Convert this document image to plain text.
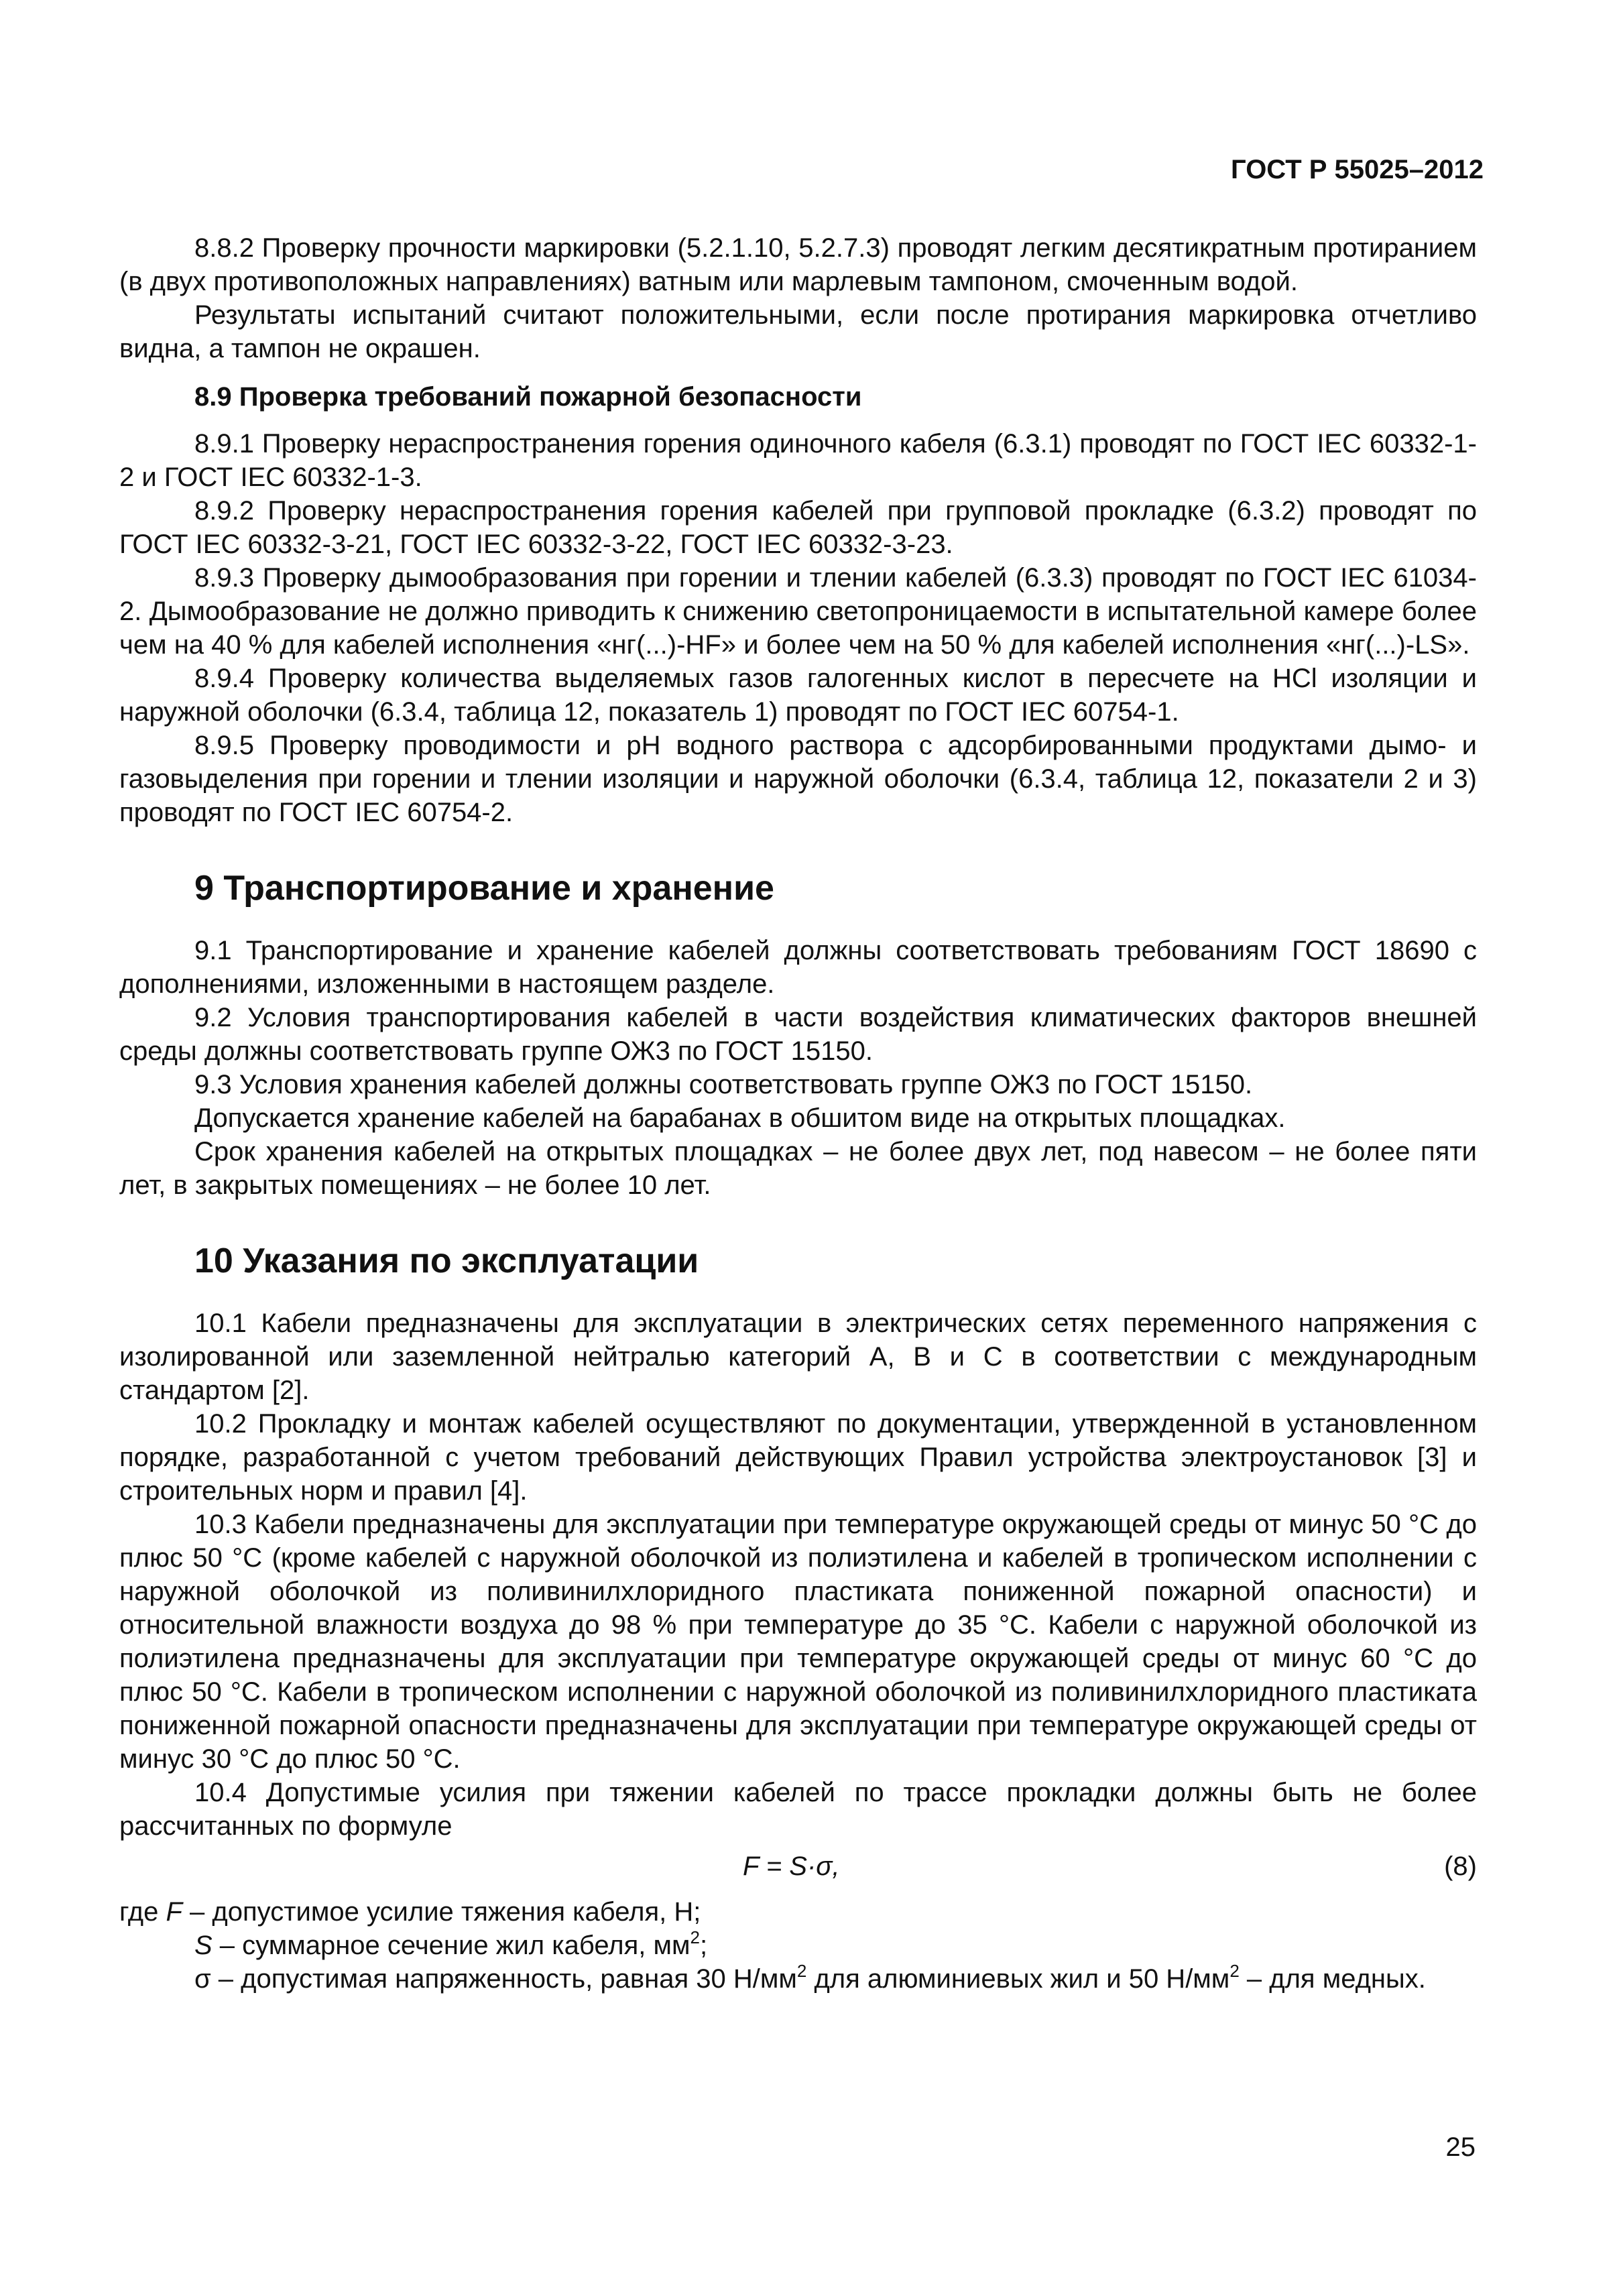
ГОСТ Р 55025–2012

8.8.2 Проверку прочности маркировки (5.2.1.10, 5.2.7.3) проводят легким десятикратным протиранием (в двух противоположных направлениях) ватным или марлевым тампоном, смоченным водой.

Результаты испытаний считают положительными, если после протирания маркировка отчетливо видна, а тампон не окрашен.

8.9 Проверка требований пожарной безопасности

8.9.1 Проверку нераспространения горения одиночного кабеля (6.3.1) проводят по ГОСТ IEC 60332-1-2 и ГОСТ IEC 60332-1-3.

8.9.2 Проверку нераспространения горения кабелей при групповой прокладке (6.3.2) проводят по ГОСТ IEC 60332-3-21, ГОСТ IEC 60332-3-22, ГОСТ IEC 60332-3-23.

8.9.3 Проверку дымообразования при горении и тлении кабелей (6.3.3) проводят по ГОСТ IEC 61034-2. Дымообразование не должно приводить к снижению светопроницаемости в испытательной камере более чем на 40 % для кабелей исполнения «нг(...)-HF» и более чем на 50 % для кабелей исполнения «нг(...)-LS».

8.9.4 Проверку количества выделяемых газов галогенных кислот в пересчете на HCl изоляции и наружной оболочки (6.3.4, таблица 12, показатель 1) проводят по ГОСТ IEC 60754-1.

8.9.5 Проверку проводимости и pH водного раствора с адсорбированными продуктами дымо- и газовыделения при горении и тлении изоляции и наружной оболочки (6.3.4, таблица 12, показатели 2 и 3) проводят по ГОСТ IEC 60754-2.

9 Транспортирование и хранение

9.1 Транспортирование и хранение кабелей должны соответствовать требованиям ГОСТ 18690 с дополнениями, изложенными в настоящем разделе.

9.2 Условия транспортирования кабелей в части воздействия климатических факторов внешней среды должны соответствовать группе ОЖ3 по ГОСТ 15150.

9.3 Условия хранения кабелей должны соответствовать группе ОЖ3 по ГОСТ 15150.

Допускается хранение кабелей на барабанах в обшитом виде на открытых площадках.

Срок хранения кабелей на открытых площадках – не более двух лет, под навесом – не более пяти лет, в закрытых помещениях – не более 10 лет.

10 Указания по эксплуатации

10.1 Кабели предназначены для эксплуатации в электрических сетях переменного напряжения с изолированной или заземленной нейтралью категорий А, В и С в соответствии с международным стандартом [2].

10.2 Прокладку и монтаж кабелей осуществляют по документации, утвержденной в установленном порядке, разработанной с учетом требований действующих Правил устройства электроустановок [3] и строительных норм и правил [4].

10.3 Кабели предназначены для эксплуатации при температуре окружающей среды от минус 50 °С до плюс 50 °С (кроме кабелей с наружной оболочкой из полиэтилена и кабелей в тропическом исполнении с наружной оболочкой из поливинилхлоридного пластиката пониженной пожарной опасности) и относительной влажности воздуха до 98 % при температуре до 35 °С. Кабели с наружной оболочкой из полиэтилена предназначены для эксплуатации при температуре окружающей среды от минус 60 °С до плюс 50 °С. Кабели в тропическом исполнении с наружной оболочкой из поливинилхлоридного пластиката пониженной пожарной опасности предназначены для эксплуатации при температуре окружающей среды от минус 30 °С до плюс 50 °С.

10.4 Допустимые усилия при тяжении кабелей по трассе прокладки должны быть не более рассчитанных по формуле

F = S·σ,	(8)

где F – допустимое усилие тяжения кабеля, Н;

S – суммарное сечение жил кабеля, $мм^2$;

σ – допустимая напряженность, равная 30 $Н/мм^2$ для алюминиевых жил и 50 $Н/мм^2$ – для медных.

25
